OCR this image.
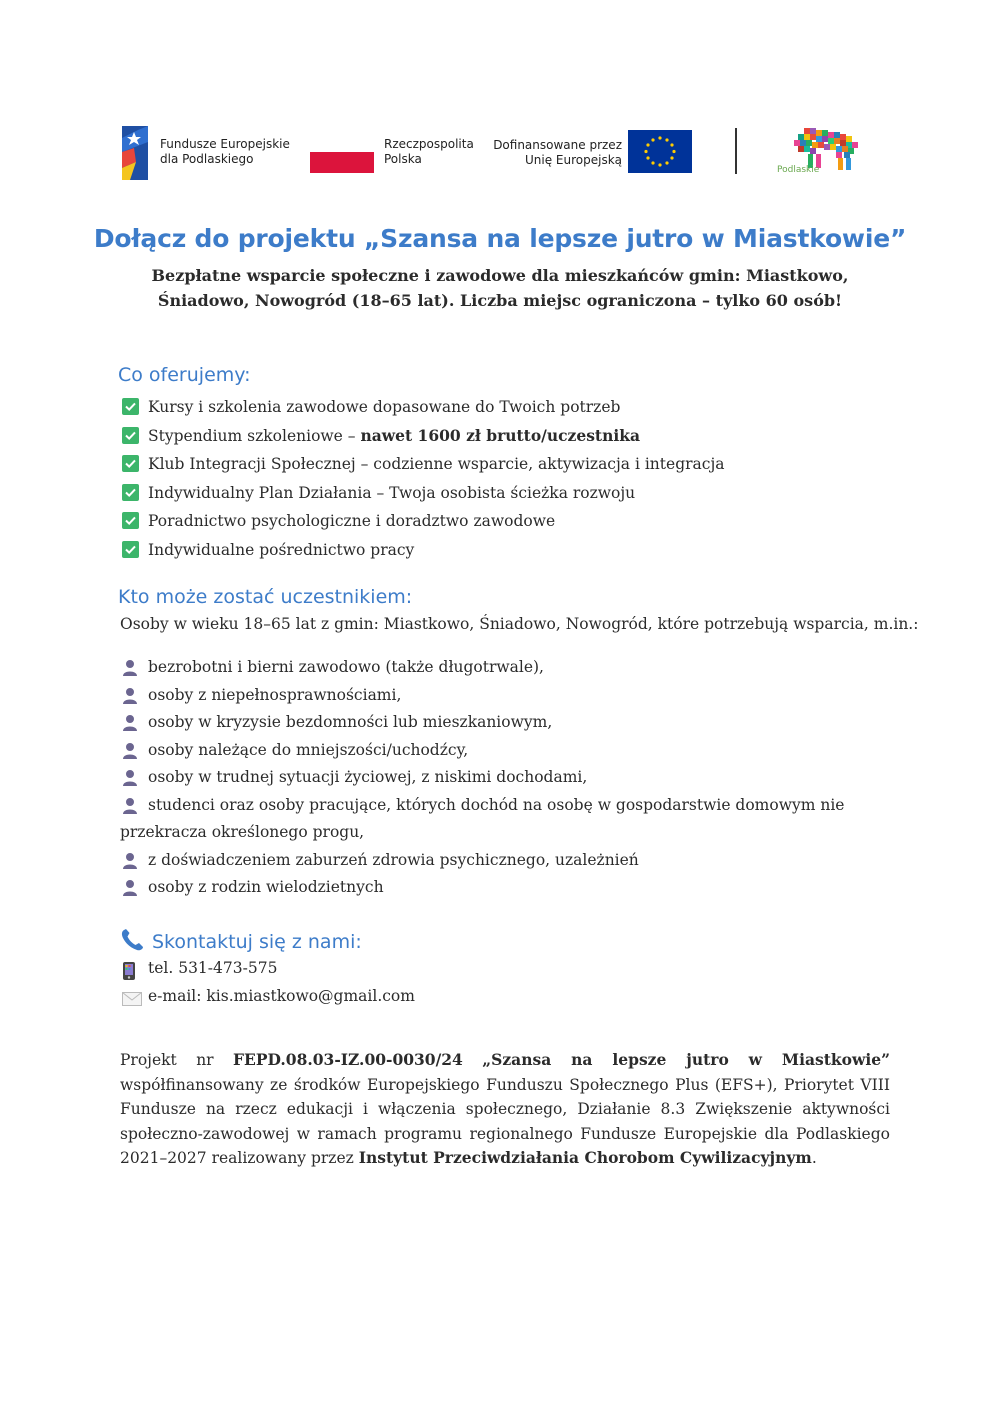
Fundusze Europejskie
dla Podlaskiego
Rzeczpospolita
Polska
Dofinansowane przez
Unię Europejską
Podlaskie
Dołącz do projektu „Szansa na lepsze jutro w Miastkowie”
Bezpłatne wsparcie społeczne i zawodowe dla mieszkańców gmin: Miastkowo, Śniadowo, Nowogród (18–65 lat). Liczba miejsc ograniczona – tylko 60 osób!
Co oferujemy:
Kursy i szkolenia zawodowe dopasowane do Twoich potrzeb
Stypendium szkoleniowe – nawet 1600 zł brutto/uczestnika
Klub Integracji Społecznej – codzienne wsparcie, aktywizacja i integracja
Indywidualny Plan Działania – Twoja osobista ścieżka rozwoju
Poradnictwo psychologiczne i doradztwo zawodowe
Indywidualne pośrednictwo pracy
Kto może zostać uczestnikiem:
Osoby w wieku 18–65 lat z gmin: Miastkowo, Śniadowo, Nowogród, które potrzebują wsparcia, m.in.:
bezrobotni i bierni zawodowo (także długotrwale),
osoby z niepełnosprawnościami,
osoby w kryzysie bezdomności lub mieszkaniowym,
osoby należące do mniejszości/uchodźcy,
osoby w trudnej sytuacji życiowej, z niskimi dochodami,
studenci oraz osoby pracujące, których dochód na osobę w gospodarstwie domowym nie przekracza określonego progu,
z doświadczeniem zaburzeń zdrowia psychicznego, uzależnień
osoby z rodzin wielodzietnych
Skontaktuj się z nami:
tel. 531-473-575
e-mail: kis.miastkowo@gmail.com
Projekt nr FEPD.08.03-IZ.00-0030/24 „Szansa na lepsze jutro w Miastkowie” współfinansowany ze środków Europejskiego Funduszu Społecznego Plus (EFS+), Priorytet VIII Fundusze na rzecz edukacji i włączenia społecznego, Działanie 8.3 Zwiększenie aktywności społeczno-zawodowej w ramach programu regionalnego Fundusze Europejskie dla Podlaskiego 2021–2027 realizowany przez Instytut Przeciwdziałania Chorobom Cywilizacyjnym.
